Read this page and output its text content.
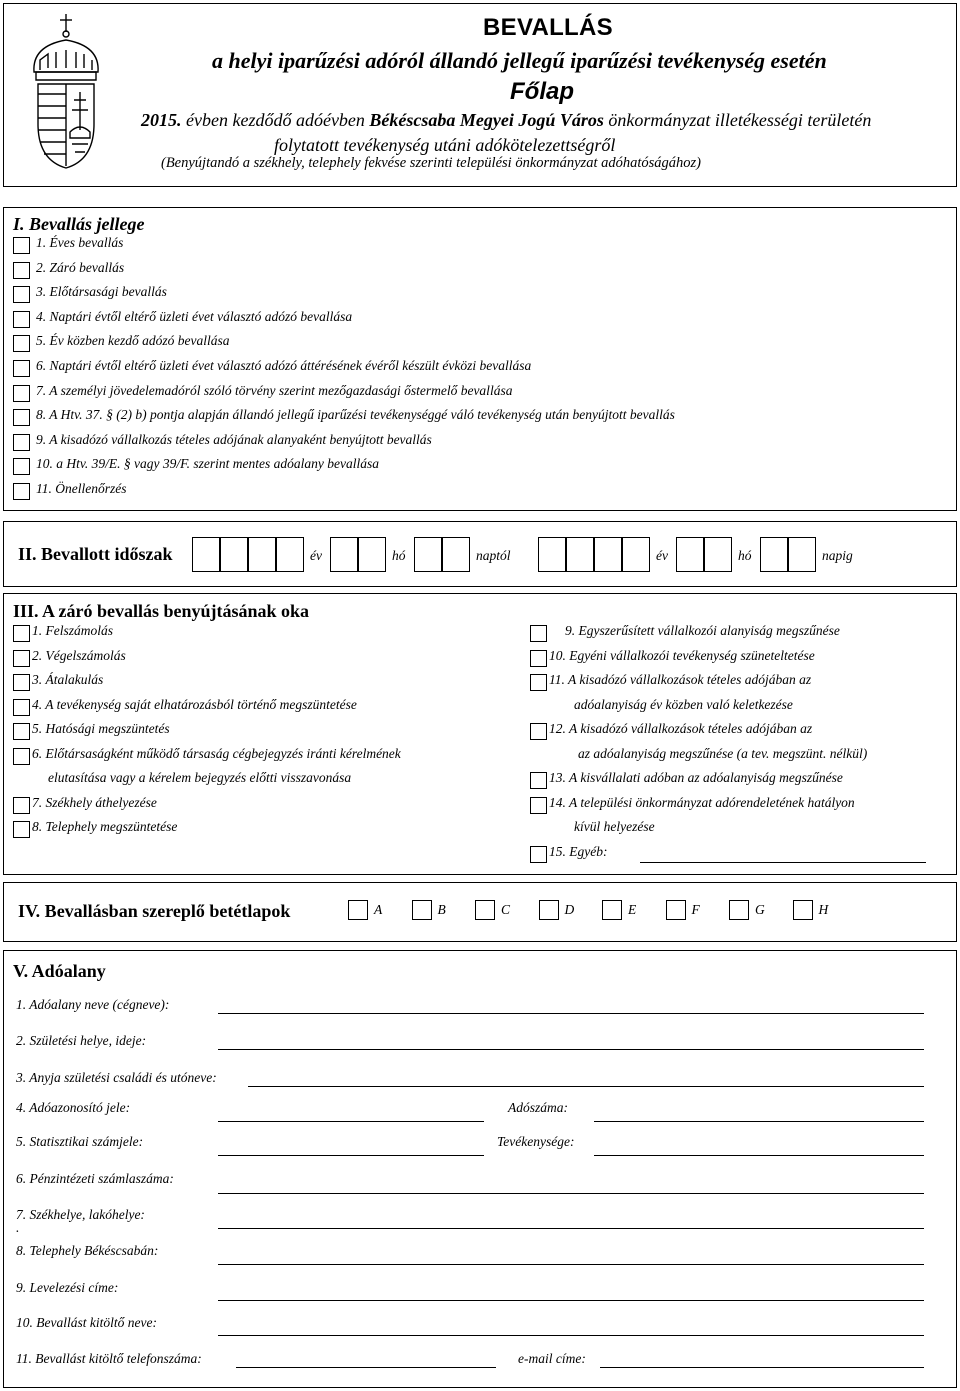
BEVALLÁS
a helyi iparűzési adóról állandó jellegű iparűzési tevékenység esetén
Főlap
2015. évben kezdődő adóévben Békéscsaba Megyei Jogú Város önkormányzat illetékességi területén
folytatott tevékenység utáni adókötelezettségről
(Benyújtandó a székhely, telephely fekvése szerinti települési önkormányzat adóhatóságához)
I. Bevallás jellege
1. Éves bevallás
2. Záró bevallás
3. Előtársasági bevallás
4. Naptári évtől eltérő üzleti évet választó adózó bevallása
5. Év közben kezdő adózó bevallása
6. Naptári évtől eltérő üzleti évet választó adózó áttérésének évéről készült évközi bevallása
7. A személyi jövedelemadóról szóló törvény szerint mezőgazdasági őstermelő bevallása
8. A Htv. 37. § (2) b) pontja alapján állandó jellegű iparűzési tevékenységgé váló tevékenység után benyújtott bevallás
9. A kisadózó vállalkozás tételes adójának alanyaként benyújtott bevallás
10. a Htv. 39/E. § vagy 39/F. szerint mentes adóalany bevallása
11. Önellenőrzés
II. Bevallott időszak	év	hó	naptól	év	hó	napig
III. A záró bevallás benyújtásának oka
1. Felszámolás
2. Végelszámolás
3. Átalakulás
4. A tevékenység saját elhatározásból történő megszüntetése
5. Hatósági megszüntetés
6. Előtársaságként működő társaság cégbejegyzés iránti kérelmének
elutasítása vagy a kérelem bejegyzés előtti visszavonása
7. Székhely áthelyezése
8. Telephely megszüntetése
9. Egyszerűsített vállalkozói alanyiság megszűnése
10. Egyéni vállalkozói tevékenység szüneteltetése
11. A kisadózó vállalkozások tételes adójában az
adóalanyiság év közben való keletkezése
12. A kisadózó vállalkozások tételes adójában az
az adóalanyiság megszűnése (a tev. megszünt. nélkül)
13. A kisvállalati adóban az adóalanyiság megszűnése
14. A települési önkormányzat adórendeletének hatályon
kívül helyezése
15. Egyéb:
IV. Bevallásban szereplő betétlapok	A	B	C	D	E	F	G	H
V. Adóalany
1. Adóalany neve (cégneve):
2. Születési helye, ideje:
3. Anyja születési családi és utóneve:
4. Adóazonosító jele:	Adószáma:
5. Statisztikai számjele:	Tevékenysége:
6. Pénzintézeti számlaszáma:
7. Székhelye, lakóhelye:
.
8. Telephely Békéscsabán:
9. Levelezési címe:
10. Bevallást kitöltő neve:
11. Bevallást kitöltő telefonszáma:	e-mail címe:
